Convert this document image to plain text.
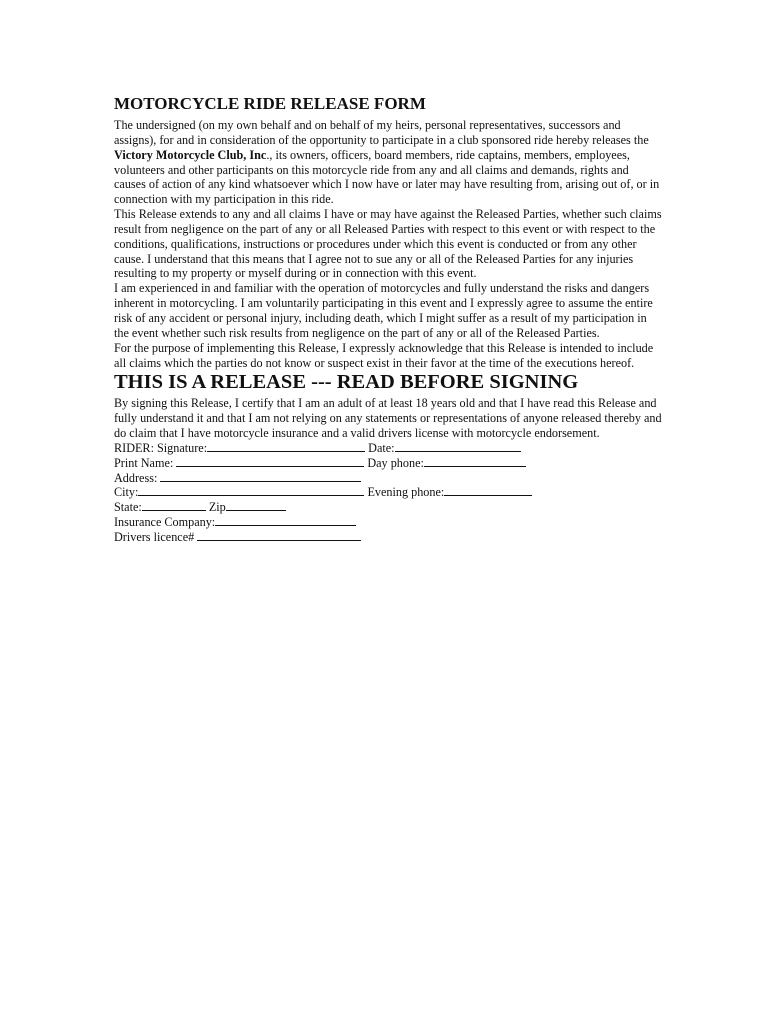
MOTORCYCLE RIDE RELEASE FORM

The undersigned (on my own behalf and on behalf of my heirs, personal representatives, successors and assigns), for and in consideration of the opportunity to participate in a club sponsored ride hereby releases the Victory Motorcycle Club, Inc., its owners, officers, board members, ride captains, members, employees, volunteers and other participants on this motorcycle ride from any and all claims and demands, rights and causes of action of any kind whatsoever which I now have or later may have resulting from, arising out of, or in connection with my participation in this ride.

This Release extends to any and all claims I have or may have against the Released Parties, whether such claims result from negligence on the part of any or all Released Parties with respect to this event or with respect to the conditions, qualifications, instructions or procedures under which this event is conducted or from any other cause. I understand that this means that I agree not to sue any or all of the Released Parties for any injuries resulting to my property or myself during or in connection with this event.

I am experienced in and familiar with the operation of motorcycles and fully understand the risks and dangers inherent in motorcycling. I am voluntarily participating in this event and I expressly agree to assume the entire risk of any accident or personal injury, including death, which I might suffer as a result of my participation in the event whether such risk results from negligence on the part of any or all of the Released Parties.

For the purpose of implementing this Release, I expressly acknowledge that this Release is intended to include all claims which the parties do not know or suspect exist in their favor at the time of the executions hereof.

THIS IS A RELEASE --- READ BEFORE SIGNING

By signing this Release, I certify that I am an adult of at least 18 years old and that I have read this Release and fully understand it and that I am not relying on any statements or representations of anyone released thereby and do claim that I have motorcycle insurance and a valid drivers license with motorcycle endorsement.

RIDER: Signature:	Date:
Print Name:	Day phone:
Address:
City:	Evening phone:
State:	Zip
Insurance Company:
Drivers licence#
